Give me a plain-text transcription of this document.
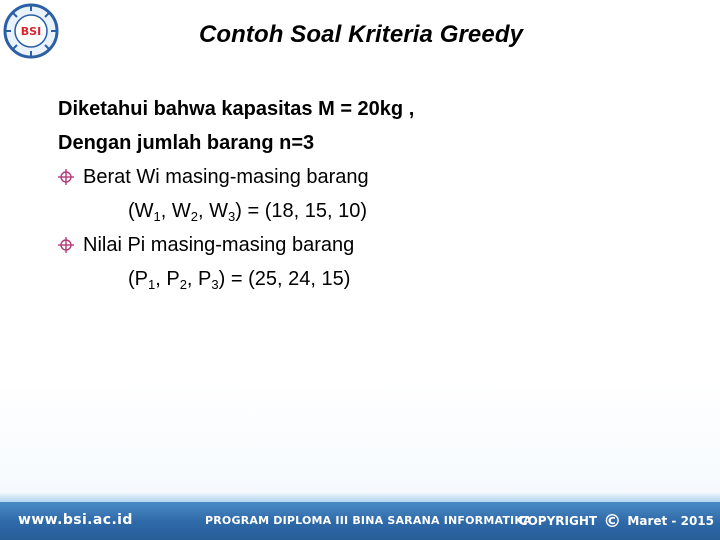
BSI	Contoh Soal Kriteria Greedy
Diketahui bahwa kapasitas M = 20kg ,
Dengan jumlah barang n=3
Berat Wi masing-masing barang
($W_1$, $W_2$, $W_3) = (18$, 15, 10)
Nilai Pi masing-masing barang
($P_1$, $P_2$, $P_3) = (25$, 24, 15)
www.bsi.ac.id	PROGRAM DIPLOMA III BINA SARANA INFORMATIKA
COPYRIGHT © Maret - 2015
